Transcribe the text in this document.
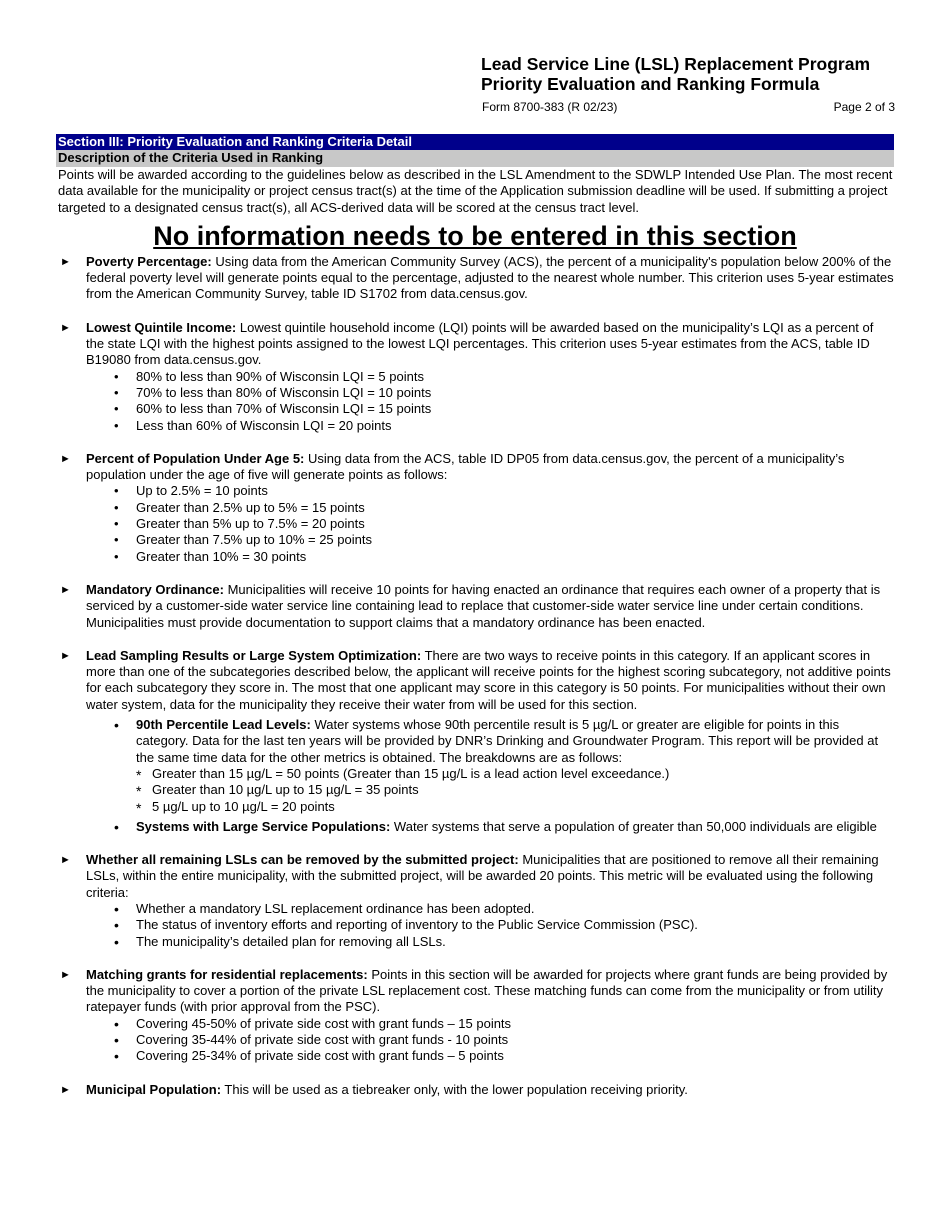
Lead Service Line (LSL) Replacement Program
Priority Evaluation and Ranking Formula
Form 8700-383 (R 02/23)	Page 2 of 3
Section III: Priority Evaluation and Ranking Criteria Detail
Description of the Criteria Used in Ranking
Points will be awarded according to the guidelines below as described in the LSL Amendment to the SDWLP Intended Use Plan. The most recent data available for the municipality or project census tract(s) at the time of the Application submission deadline will be used. If submitting a project targeted to a designated census tract(s), all ACS-derived data will be scored at the census tract level.
No information needs to be entered in this section
► Poverty Percentage: Using data from the American Community Survey (ACS), the percent of a municipality's population below 200% of the federal poverty level will generate points equal to the percentage, adjusted to the nearest whole number. This criterion uses 5-year estimates from the American Community Survey, table ID S1702 from data.census.gov.
► Lowest Quintile Income: Lowest quintile household income (LQI) points will be awarded based on the municipality’s LQI as a percent of the state LQI with the highest points assigned to the lowest LQI percentages. This criterion uses 5-year estimates from the ACS, table ID B19080 from data.census.gov.
• 80% to less than 90% of Wisconsin LQI = 5 points
• 70% to less than 80% of Wisconsin LQI = 10 points
• 60% to less than 70% of Wisconsin LQI = 15 points
• Less than 60% of Wisconsin LQI = 20 points
► Percent of Population Under Age 5: Using data from the ACS, table ID DP05 from data.census.gov, the percent of a municipality’s population under the age of five will generate points as follows:
• Up to 2.5% = 10 points
• Greater than 2.5% up to 5% = 15 points
• Greater than 5% up to 7.5% = 20 points
• Greater than 7.5% up to 10% = 25 points
• Greater than 10% = 30 points
► Mandatory Ordinance: Municipalities will receive 10 points for having enacted an ordinance that requires each owner of a property that is serviced by a customer-side water service line containing lead to replace that customer-side water service line under certain conditions. Municipalities must provide documentation to support claims that a mandatory ordinance has been enacted.
► Lead Sampling Results or Large System Optimization: There are two ways to receive points in this category. If an applicant scores in more than one of the subcategories described below, the applicant will receive points for the highest scoring subcategory, not additive points for each subcategory they score in. The most that one applicant may score in this category is 50 points. For municipalities without their own water system, data for the municipality they receive their water from will be used for this section.
• 90th Percentile Lead Levels: Water systems whose 90th percentile result is 5 µg/L or greater are eligible for points in this category. Data for the last ten years will be provided by DNR’s Drinking and Groundwater Program. This report will be provided at the same time data for the other metrics is obtained. The breakdowns are as follows:
* Greater than 15 µg/L = 50 points (Greater than 15 µg/L is a lead action level exceedance.)
* Greater than 10 µg/L up to 15 µg/L = 35 points
* 5 µg/L up to 10 µg/L = 20 points
• Systems with Large Service Populations: Water systems that serve a population of greater than 50,000 individuals are eligible
► Whether all remaining LSLs can be removed by the submitted project: Municipalities that are positioned to remove all their remaining LSLs, within the entire municipality, with the submitted project, will be awarded 20 points. This metric will be evaluated using the following criteria:
• Whether a mandatory LSL replacement ordinance has been adopted.
• The status of inventory efforts and reporting of inventory to the Public Service Commission (PSC).
• The municipality’s detailed plan for removing all LSLs.
► Matching grants for residential replacements: Points in this section will be awarded for projects where grant funds are being provided by the municipality to cover a portion of the private LSL replacement cost. These matching funds can come from the municipality or from utility ratepayer funds (with prior approval from the PSC).
• Covering 45-50% of private side cost with grant funds – 15 points
• Covering 35-44% of private side cost with grant funds - 10 points
• Covering 25-34% of private side cost with grant funds – 5 points
► Municipal Population: This will be used as a tiebreaker only, with the lower population receiving priority.
